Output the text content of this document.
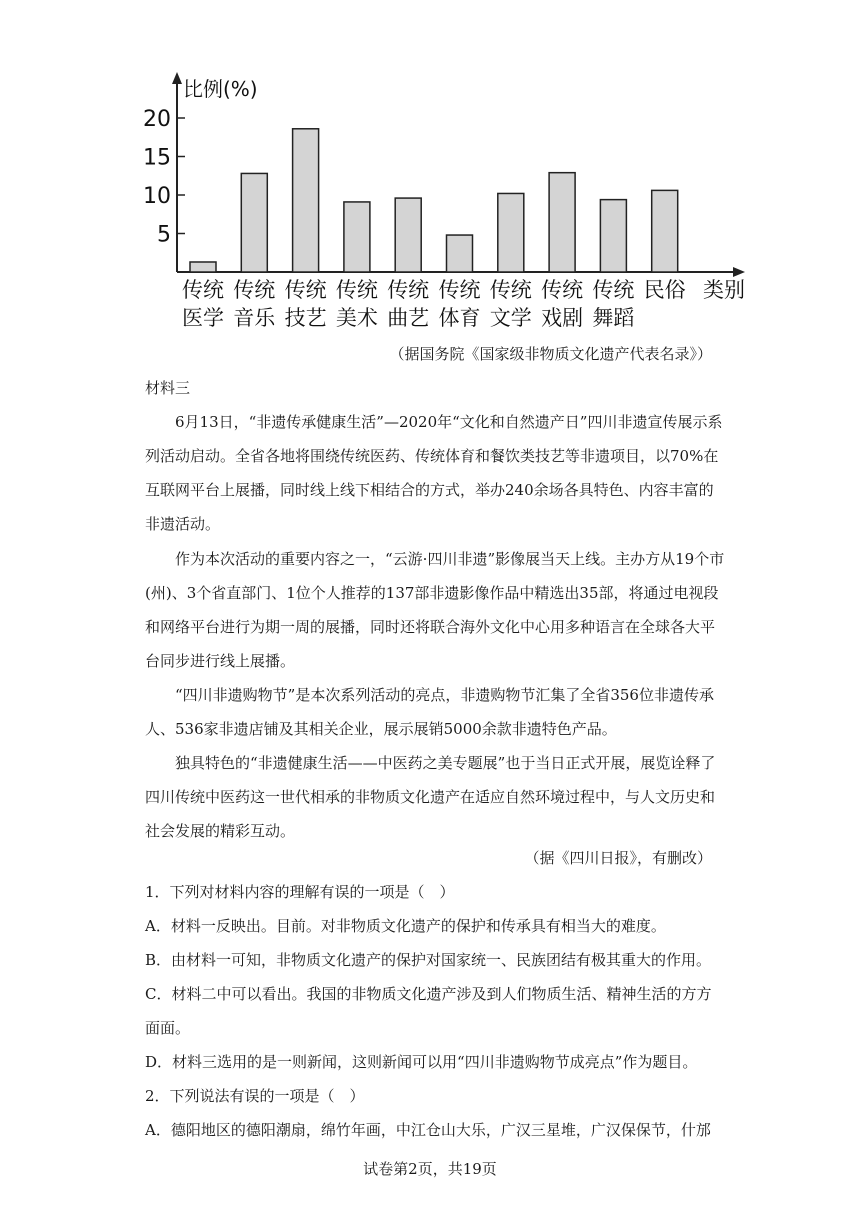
比例(%)
5
10
15
20
传统
医学
传统
音乐
传统
技艺
传统
美术
传统
曲艺
传统
体育
传统
文学
传统
戏剧
传统
舞蹈
民俗 类别
（据国务院《国家级非物质文化遗产代表名录》）
材料三

6月13日，“非遗传承健康生活”—2020年“文化和自然遗产日”四川非遗宣传展示系列活动启动。全省各地将围绕传统医药、传统体育和餐饮类技艺等非遗项目，以70%在互联网平台上展播，同时线上线下相结合的方式，举办240余场各具特色、内容丰富的非遗活动。

作为本次活动的重要内容之一，“云游·四川非遗”影像展当天上线。主办方从19个市(州)、3个省直部门、1位个人推荐的137部非遗影像作品中精选出35部，将通过电视段和网络平台进行为期一周的展播，同时还将联合海外文化中心用多种语言在全球各大平台同步进行线上展播。

“四川非遗购物节”是本次系列活动的亮点，非遗购物节汇集了全省356位非遗传承人、536家非遗店铺及其相关企业，展示展销5000余款非遗特色产品。

独具特色的“非遗健康生活——中医药之美专题展”也于当日正式开展，展览诠释了四川传统中医药这一世代相承的非物质文化遗产在适应自然环境过程中，与人文历史和社会发展的精彩互动。

（据《四川日报》，有删改）
1．下列对材料内容的理解有误的一项是（　）
A．材料一反映出。目前。对非物质文化遗产的保护和传承具有相当大的难度。
B．由材料一可知，非物质文化遗产的保护对国家统一、民族团结有极其重大的作用。
C．材料二中可以看出。我国的非物质文化遗产涉及到人们物质生活、精神生活的方方
面面。
D．材料三选用的是一则新闻，这则新闻可以用“四川非遗购物节成亮点”作为题目。
2．下列说法有误的一项是（　）
A．德阳地区的德阳潮扇，绵竹年画，中江仓山大乐，广汉三星堆，广汉保保节，什邡
试卷第2页，共19页
